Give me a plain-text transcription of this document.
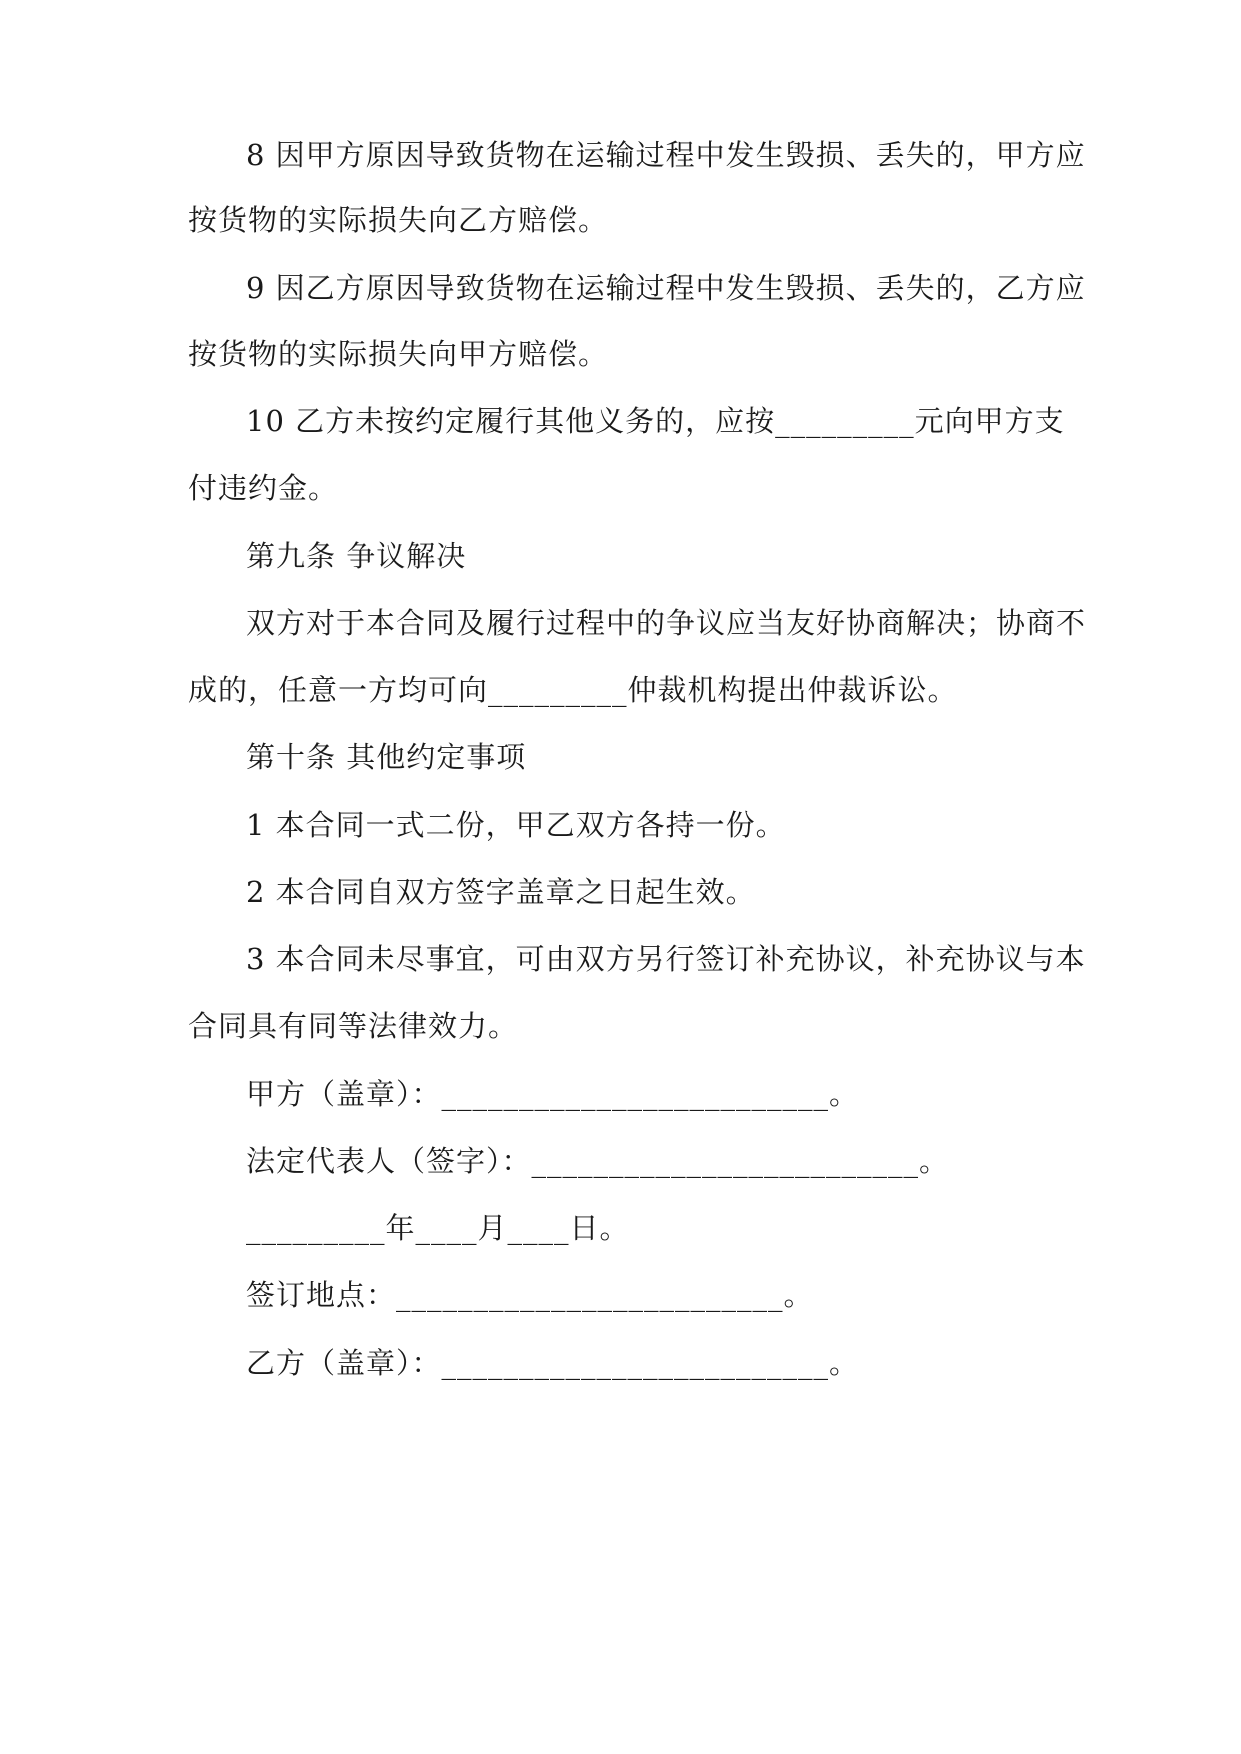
8 因甲方原因导致货物在运输过程中发生毁损、丢失的，甲方应
按货物的实际损失向乙方赔偿。
9 因乙方原因导致货物在运输过程中发生毁损、丢失的，乙方应
按货物的实际损失向甲方赔偿。
10 乙方未按约定履行其他义务的，应按_________元向甲方支
付违约金。
第九条 争议解决
双方对于本合同及履行过程中的争议应当友好协商解决；协商不
成的，任意一方均可向_________仲裁机构提出仲裁诉讼。
第十条 其他约定事项
1 本合同一式二份，甲乙双方各持一份。
2 本合同自双方签字盖章之日起生效。
3 本合同未尽事宜，可由双方另行签订补充协议，补充协议与本
合同具有同等法律效力。
甲方（盖章）：_________________________。
法定代表人（签字）：_________________________。
_________年____月____日。
签订地点：_________________________。
乙方（盖章）：_________________________。
